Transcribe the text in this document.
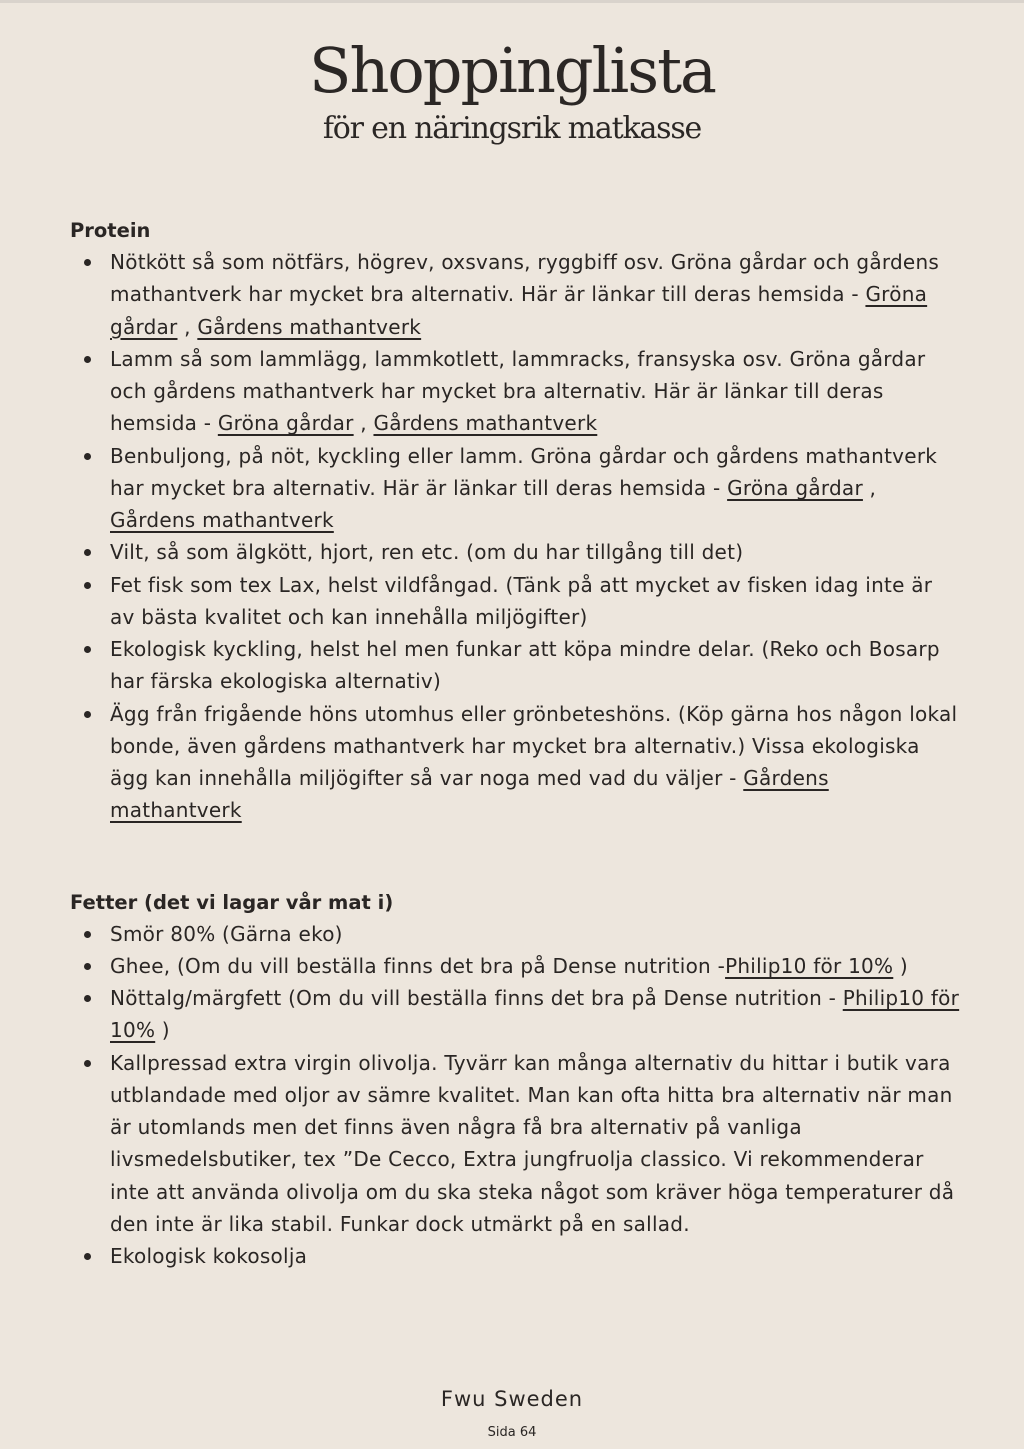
Shoppinglista
för en näringsrik matkasse
Protein
Nötkött så som nötfärs, högrev, oxsvans, ryggbiff osv. Gröna gårdar och gårdens mathantverk har mycket bra alternativ. Här är länkar till deras hemsida - Gröna gårdar , Gårdens mathantverk
Lamm så som lammlägg, lammkotlett, lammracks, fransyska osv. Gröna gårdar och gårdens mathantverk har mycket bra alternativ. Här är länkar till deras hemsida - Gröna gårdar , Gårdens mathantverk
Benbuljong, på nöt, kyckling eller lamm. Gröna gårdar och gårdens mathantverk har mycket bra alternativ. Här är länkar till deras hemsida - Gröna gårdar , Gårdens mathantverk
Vilt, så som älgkött, hjort, ren etc. (om du har tillgång till det)
Fet fisk som tex Lax, helst vildfångad. (Tänk på att mycket av fisken idag inte är av bästa kvalitet och kan innehålla miljögifter)
Ekologisk kyckling, helst hel men funkar att köpa mindre delar. (Reko och Bosarp har färska ekologiska alternativ)
Ägg från frigående höns utomhus eller grönbeteshöns. (Köp gärna hos någon lokal bonde, även gårdens mathantverk har mycket bra alternativ.) Vissa ekologiska ägg kan innehålla miljögifter så var noga med vad du väljer - Gårdens mathantverk
Fetter (det vi lagar vår mat i)
Smör 80% (Gärna eko)
Ghee, (Om du vill beställa finns det bra på Dense nutrition -Philip10 för 10% )
Nöttalg/märgfett (Om du vill beställa finns det bra på Dense nutrition - Philip10 för 10% )
Kallpressad extra virgin olivolja. Tyvärr kan många alternativ du hittar i butik vara utblandade med oljor av sämre kvalitet. Man kan ofta hitta bra alternativ när man är utomlands men det finns även några få bra alternativ på vanliga livsmedelsbutiker, tex ”De Cecco, Extra jungfruolja classico. Vi rekommenderar inte att använda olivolja om du ska steka något som kräver höga temperaturer då den inte är lika stabil. Funkar dock utmärkt på en sallad.
Ekologisk kokosolja
Fwu Sweden
Sida 64
